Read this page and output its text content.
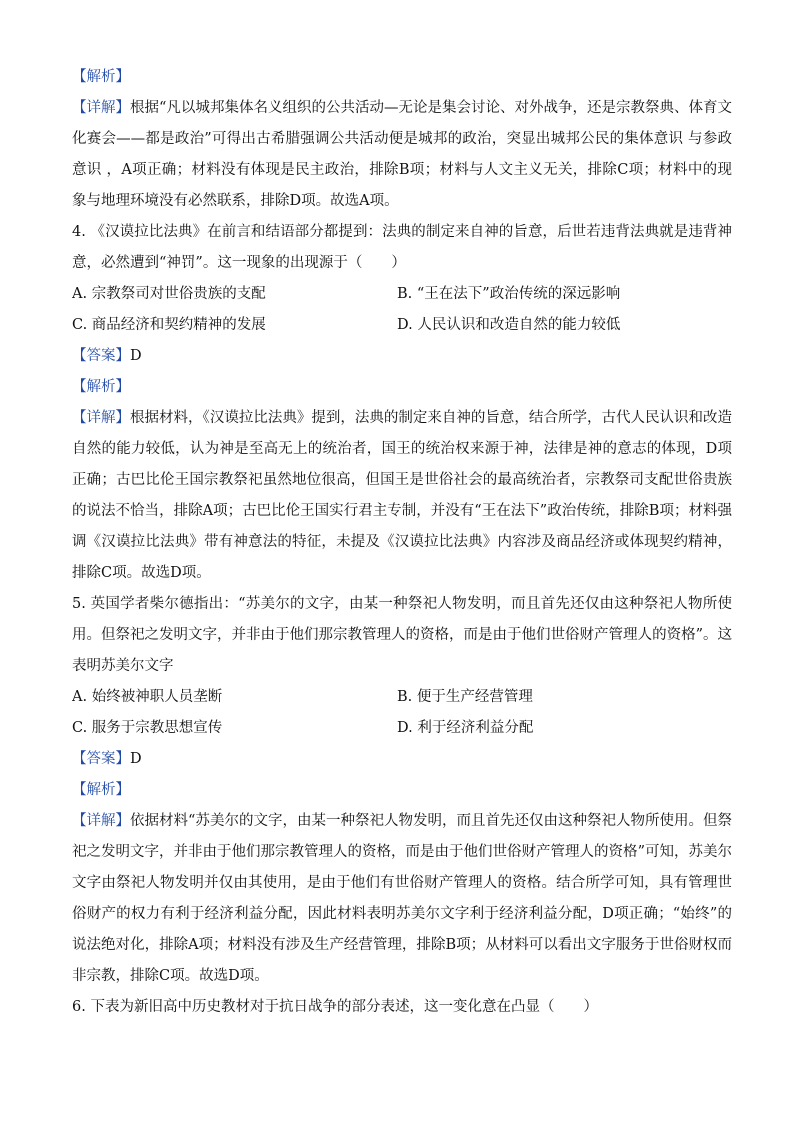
【解析】

【详解】根据“凡以城邦集体名义组织的公共活动—无论是集会讨论、对外战争，还是宗教祭典、体育文化赛会——都是政治”可得出古希腊强调公共活动便是城邦的政治，突显出城邦公民的集体意识 与参政意识 ，A项正确；材料没有体现是民主政治，排除B项；材料与人文主义无关，排除C项；材料中的现象与地理环境没有必然联系，排除D项。故选A项。

4. 《汉谟拉比法典》在前言和结语部分都提到：法典的制定来自神的旨意，后世若违背法典就是违背神意，必然遭到“神罚”。这一现象的出现源于（　　）

A. 宗教祭司对世俗贵族的支配	B. “王在法下”政治传统的深远影响
C. 商品经济和契约精神的发展	D. 人民认识和改造自然的能力较低

【答案】D

【解析】

【详解】根据材料，《汉谟拉比法典》提到，法典的制定来自神的旨意，结合所学，古代人民认识和改造自然的能力较低，认为神是至高无上的统治者，国王的统治权来源于神，法律是神的意志的体现，D项正确；古巴比伦王国宗教祭祀虽然地位很高，但国王是世俗社会的最高统治者，宗教祭司支配世俗贵族的说法不恰当，排除A项；古巴比伦王国实行君主专制，并没有“王在法下”政治传统，排除B项；材料强调《汉谟拉比法典》带有神意法的特征，未提及《汉谟拉比法典》内容涉及商品经济或体现契约精神，排除C项。故选D项。

5. 英国学者柴尔德指出：“苏美尔的文字，由某一种祭祀人物发明，而且首先还仅由这种祭祀人物所使用。但祭祀之发明文字，并非由于他们那宗教管理人的资格，而是由于他们世俗财产管理人的资格”。这表明苏美尔文字

A. 始终被神职人员垄断	B. 便于生产经营管理
C. 服务于宗教思想宣传	D. 利于经济利益分配

【答案】D

【解析】

【详解】依据材料“苏美尔的文字，由某一种祭祀人物发明，而且首先还仅由这种祭祀人物所使用。但祭祀之发明文字，并非由于他们那宗教管理人的资格，而是由于他们世俗财产管理人的资格”可知，苏美尔文字由祭祀人物发明并仅由其使用，是由于他们有世俗财产管理人的资格。结合所学可知，具有管理世俗财产的权力有利于经济利益分配，因此材料表明苏美尔文字利于经济利益分配，D项正确；“始终”的说法绝对化，排除A项；材料没有涉及生产经营管理，排除B项；从材料可以看出文字服务于世俗财权而非宗教，排除C项。故选D项。

6. 下表为新旧高中历史教材对于抗日战争的部分表述，这一变化意在凸显（　　）
